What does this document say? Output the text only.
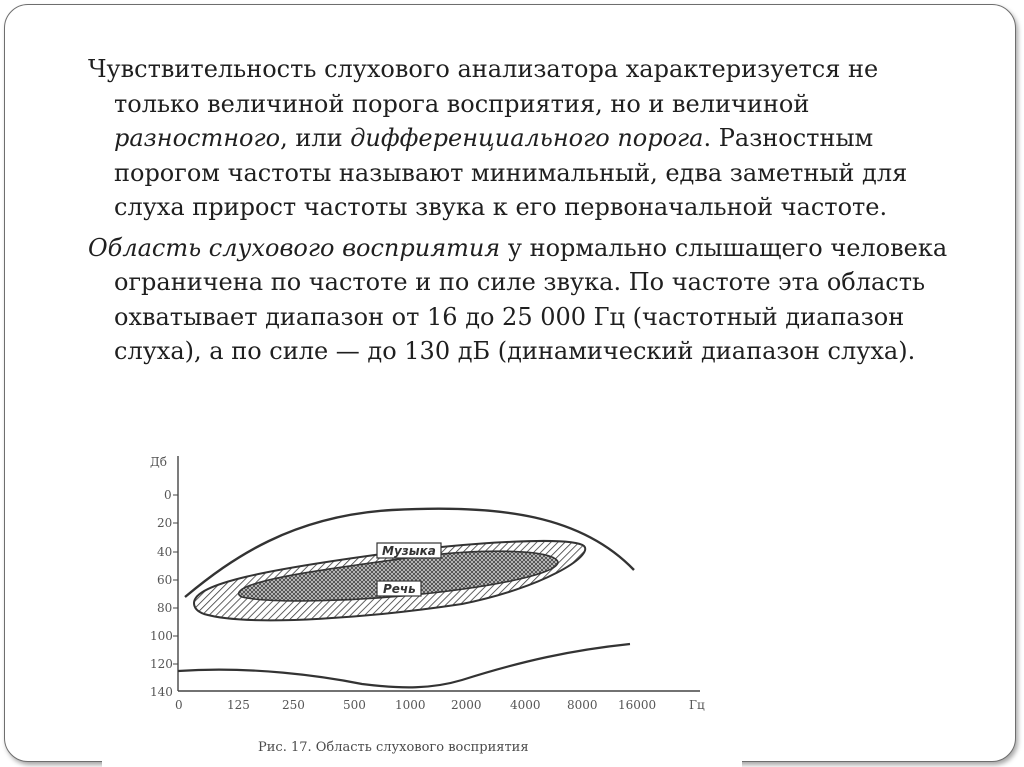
Чувствительность слухового анализатора характеризуется не только величиной порога восприятия, но и величиной разностного, или дифференциального порога. Разностным порогом частоты называют минимальный, едва заметный для слуха прирост частоты звука к его первоначальной частоте.

Область слухового восприятия у нормально слышащего человека ограничена по частоте и по силе звука. По частоте эта область охватывает диапазон от 16 до 25 000 Гц (частотный диапазон слуха), а по силе — до 130 дБ (динамический диапазон слуха).

Дб
0
20
40
60
80
100
120
140
0	125	250	500 1000 2000 4000 8000 16000	Гц
Музыка
Речь
Рис. 17. Область слухового восприятия
